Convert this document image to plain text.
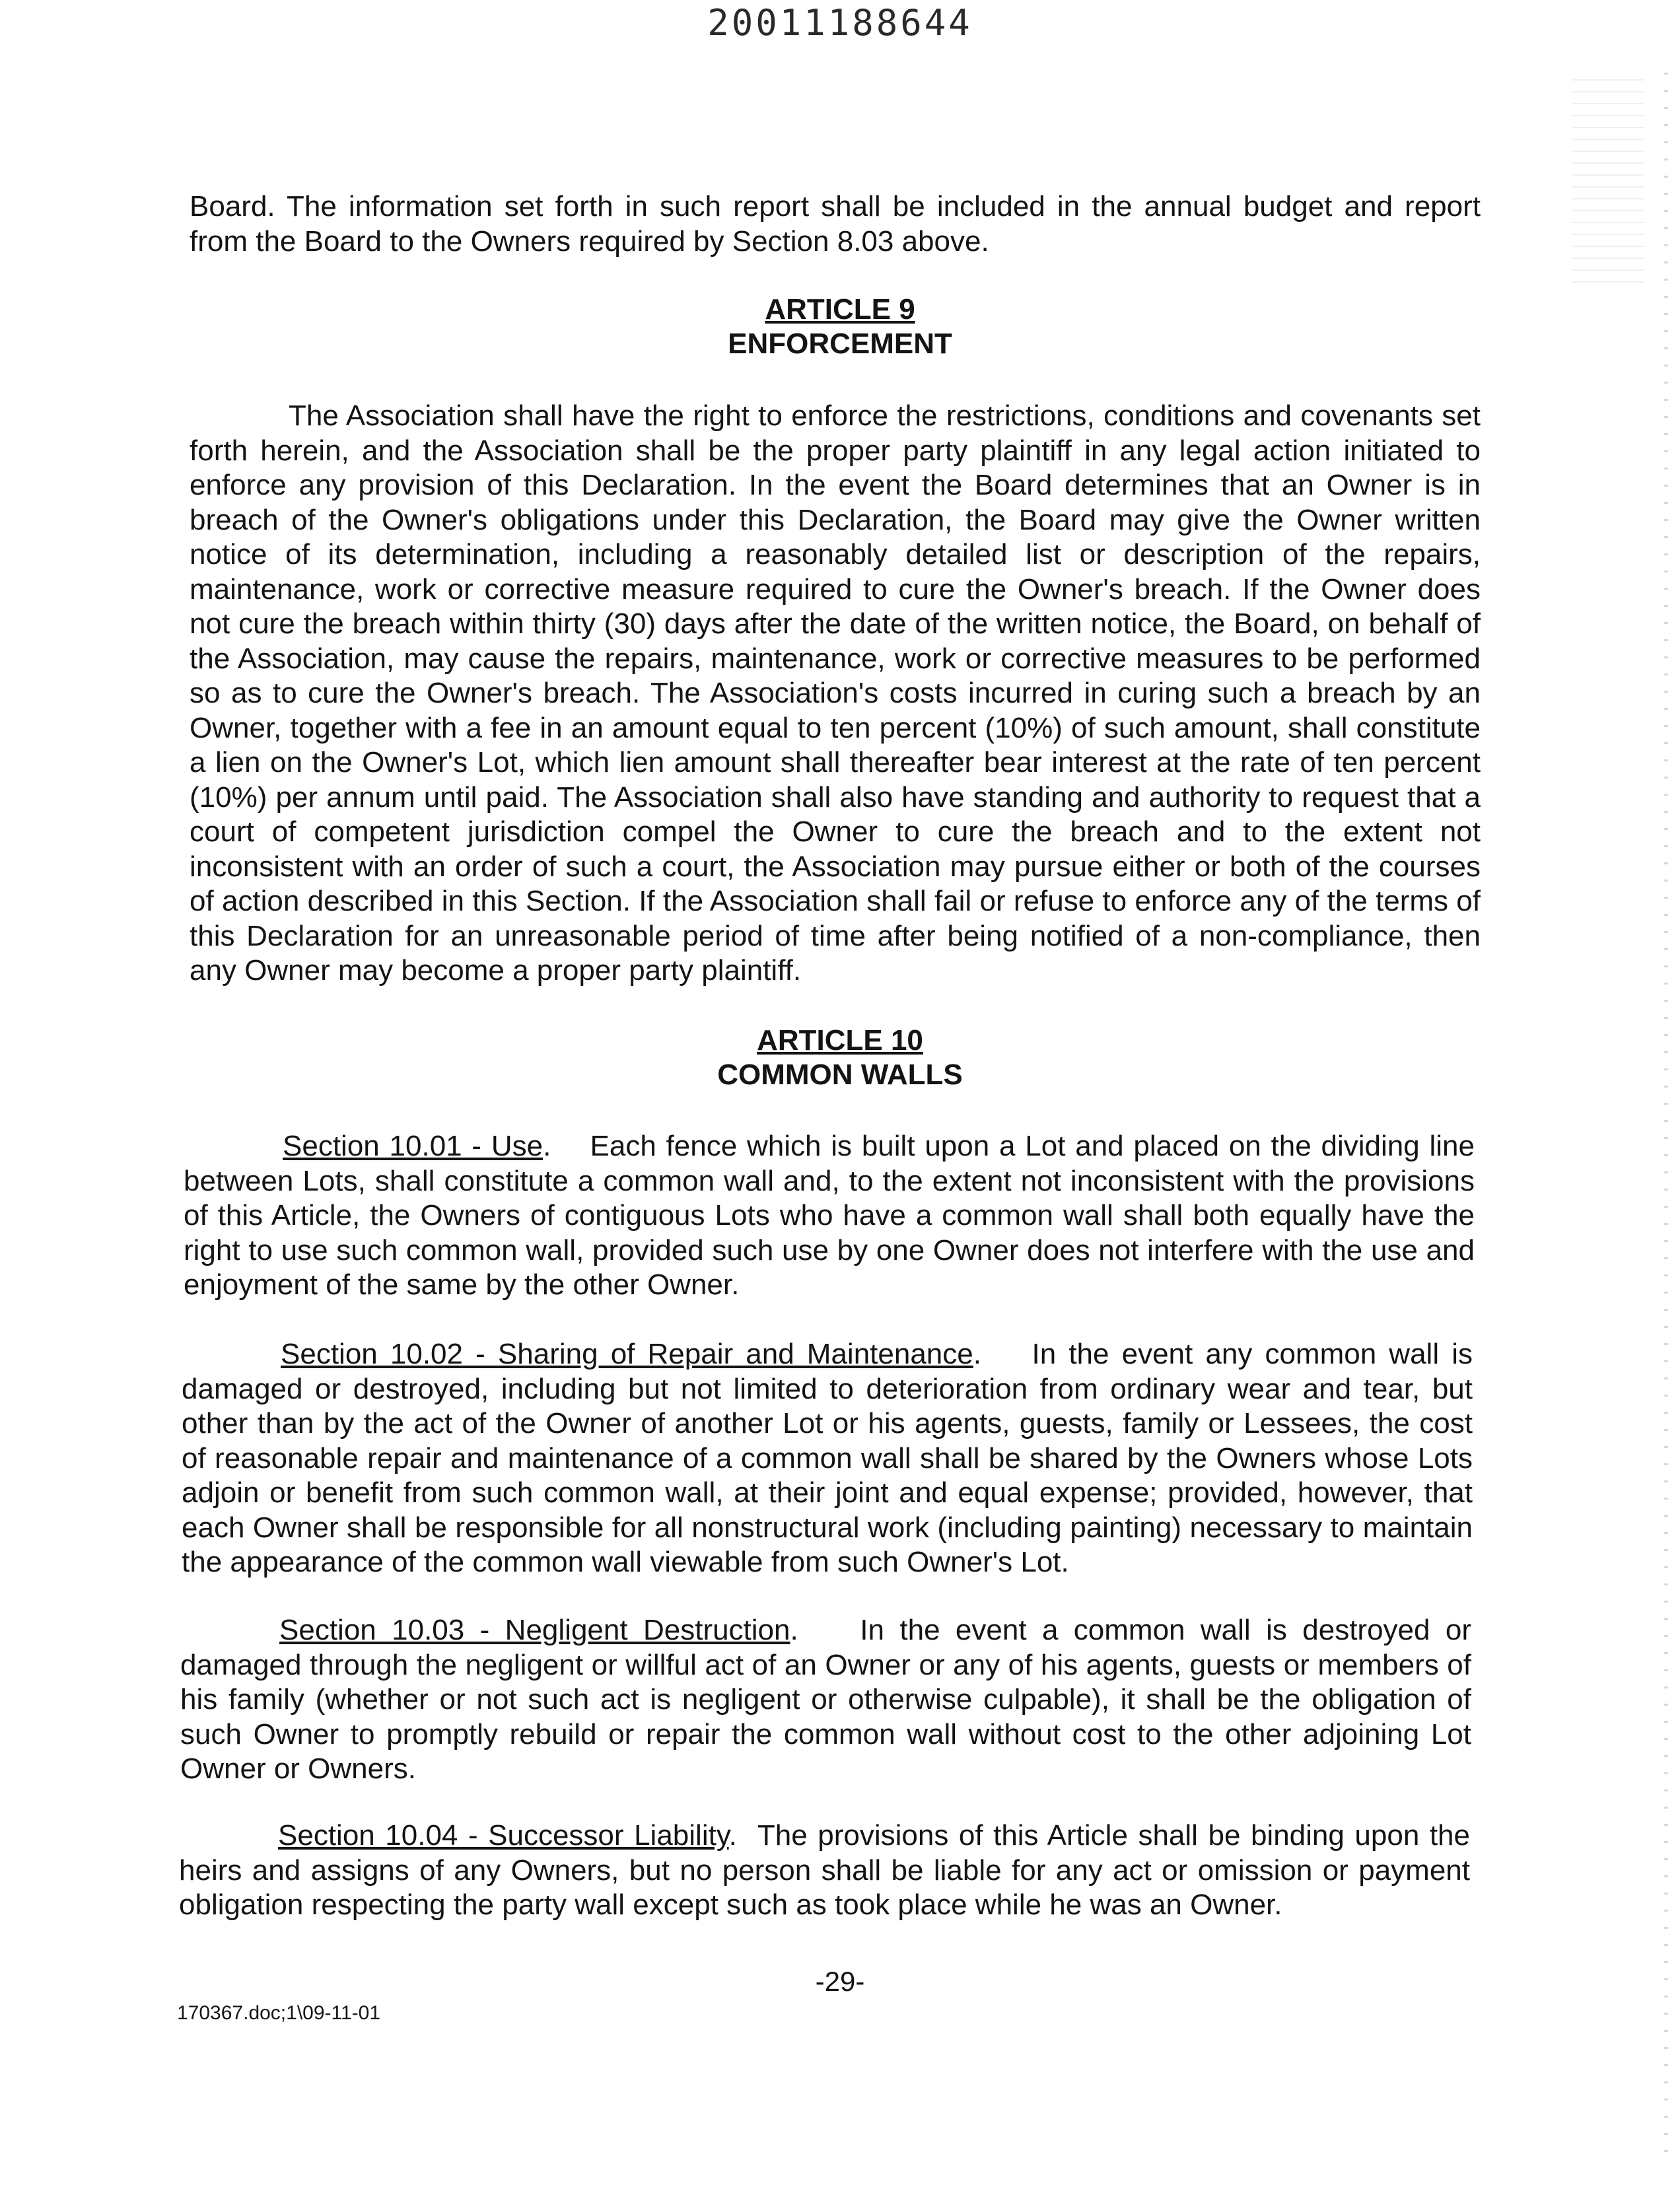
20011188644

Board. The information set forth in such report shall be included in the annual budget and report from the Board to the Owners required by Section 8.03 above.

ARTICLE 9
ENFORCEMENT

The Association shall have the right to enforce the restrictions, conditions and covenants set forth herein, and the Association shall be the proper party plaintiff in any legal action initiated to enforce any provision of this Declaration. In the event the Board determines that an Owner is in breach of the Owner's obligations under this Declaration, the Board may give the Owner written notice of its determination, including a reasonably detailed list or description of the repairs, maintenance, work or corrective measure required to cure the Owner's breach. If the Owner does not cure the breach within thirty (30) days after the date of the written notice, the Board, on behalf of the Association, may cause the repairs, maintenance, work or corrective measures to be performed so as to cure the Owner's breach. The Association's costs incurred in curing such a breach by an Owner, together with a fee in an amount equal to ten percent (10%) of such amount, shall constitute a lien on the Owner's Lot, which lien amount shall thereafter bear interest at the rate of ten percent (10%) per annum until paid. The Association shall also have standing and authority to request that a court of competent jurisdiction compel the Owner to cure the breach and to the extent not inconsistent with an order of such a court, the Association may pursue either or both of the courses of action described in this Section. If the Association shall fail or refuse to enforce any of the terms of this Declaration for an unreasonable period of time after being notified of a non-compliance, then any Owner may become a proper party plaintiff.

ARTICLE 10
COMMON WALLS

Section 10.01 - Use. Each fence which is built upon a Lot and placed on the dividing line between Lots, shall constitute a common wall and, to the extent not inconsistent with the provisions of this Article, the Owners of contiguous Lots who have a common wall shall both equally have the right to use such common wall, provided such use by one Owner does not interfere with the use and enjoyment of the same by the other Owner.

Section 10.02 - Sharing of Repair and Maintenance. In the event any common wall is damaged or destroyed, including but not limited to deterioration from ordinary wear and tear, but other than by the act of the Owner of another Lot or his agents, guests, family or Lessees, the cost of reasonable repair and maintenance of a common wall shall be shared by the Owners whose Lots adjoin or benefit from such common wall, at their joint and equal expense; provided, however, that each Owner shall be responsible for all nonstructural work (including painting) necessary to maintain the appearance of the common wall viewable from such Owner's Lot.

Section 10.03 - Negligent Destruction. In the event a common wall is destroyed or damaged through the negligent or willful act of an Owner or any of his agents, guests or members of his family (whether or not such act is negligent or otherwise culpable), it shall be the obligation of such Owner to promptly rebuild or repair the common wall without cost to the other adjoining Lot Owner or Owners.

Section 10.04 - Successor Liability. The provisions of this Article shall be binding upon the heirs and assigns of any Owners, but no person shall be liable for any act or omission or payment obligation respecting the party wall except such as took place while he was an Owner.

-29-
170367.doc;1\09-11-01
